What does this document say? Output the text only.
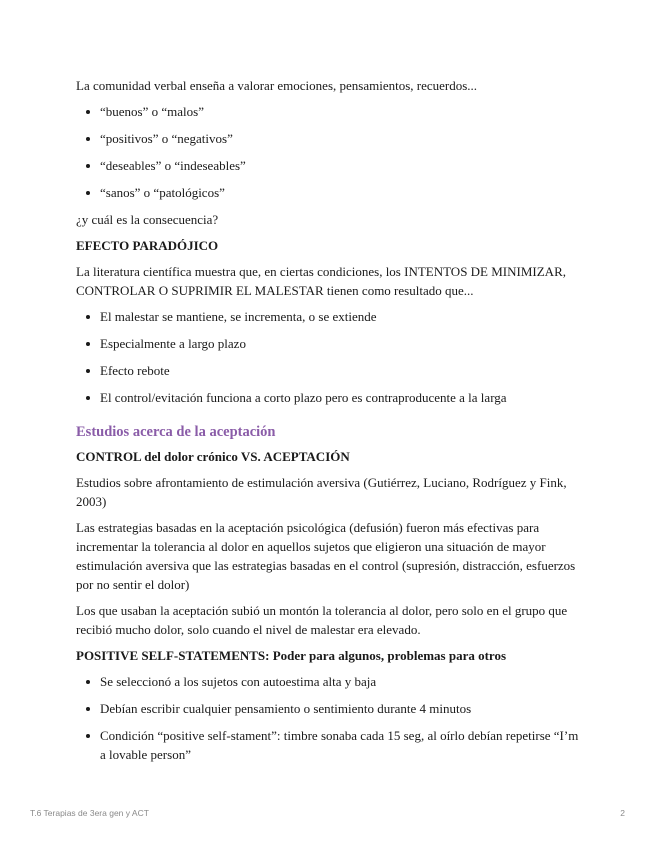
La comunidad verbal enseña a valorar emociones, pensamientos, recuerdos...

“buenos” o “malos”
“positivos” o “negativos”
“deseables” o “indeseables”
“sanos” o “patológicos”

¿y cuál es la consecuencia?

EFECTO PARADÓJICO

La literatura científica muestra que, en ciertas condiciones, los INTENTOS DE MINIMIZAR, CONTROLAR O SUPRIMIR EL MALESTAR tienen como resultado que...

El malestar se mantiene, se incrementa, o se extiende
Especialmente a largo plazo
Efecto rebote
El control/evitación funciona a corto plazo pero es contraproducente a la larga
Estudios acerca de la aceptación

CONTROL del dolor crónico VS. ACEPTACIÓN

Estudios sobre afrontamiento de estimulación aversiva (Gutiérrez, Luciano, Rodríguez y Fink, 2003)

Las estrategias basadas en la aceptación psicológica (defusión) fueron más efectivas para incrementar la tolerancia al dolor en aquellos sujetos que eligieron una situación de mayor estimulación aversiva que las estrategias basadas en el control (supresión, distracción, esfuerzos por no sentir el dolor)

Los que usaban la aceptación subió un montón la tolerancia al dolor, pero solo en el grupo que recibió mucho dolor, solo cuando el nivel de malestar era elevado.

POSITIVE SELF-STATEMENTS: Poder para algunos, problemas para otros

Se seleccionó a los sujetos con autoestima alta y baja
Debían escribir cualquier pensamiento o sentimiento durante 4 minutos
Condición “positive self-stament”: timbre sonaba cada 15 seg, al oírlo debían repetirse “I’m a lovable person”
T.6 Terapias de 3era gen y ACT	2
